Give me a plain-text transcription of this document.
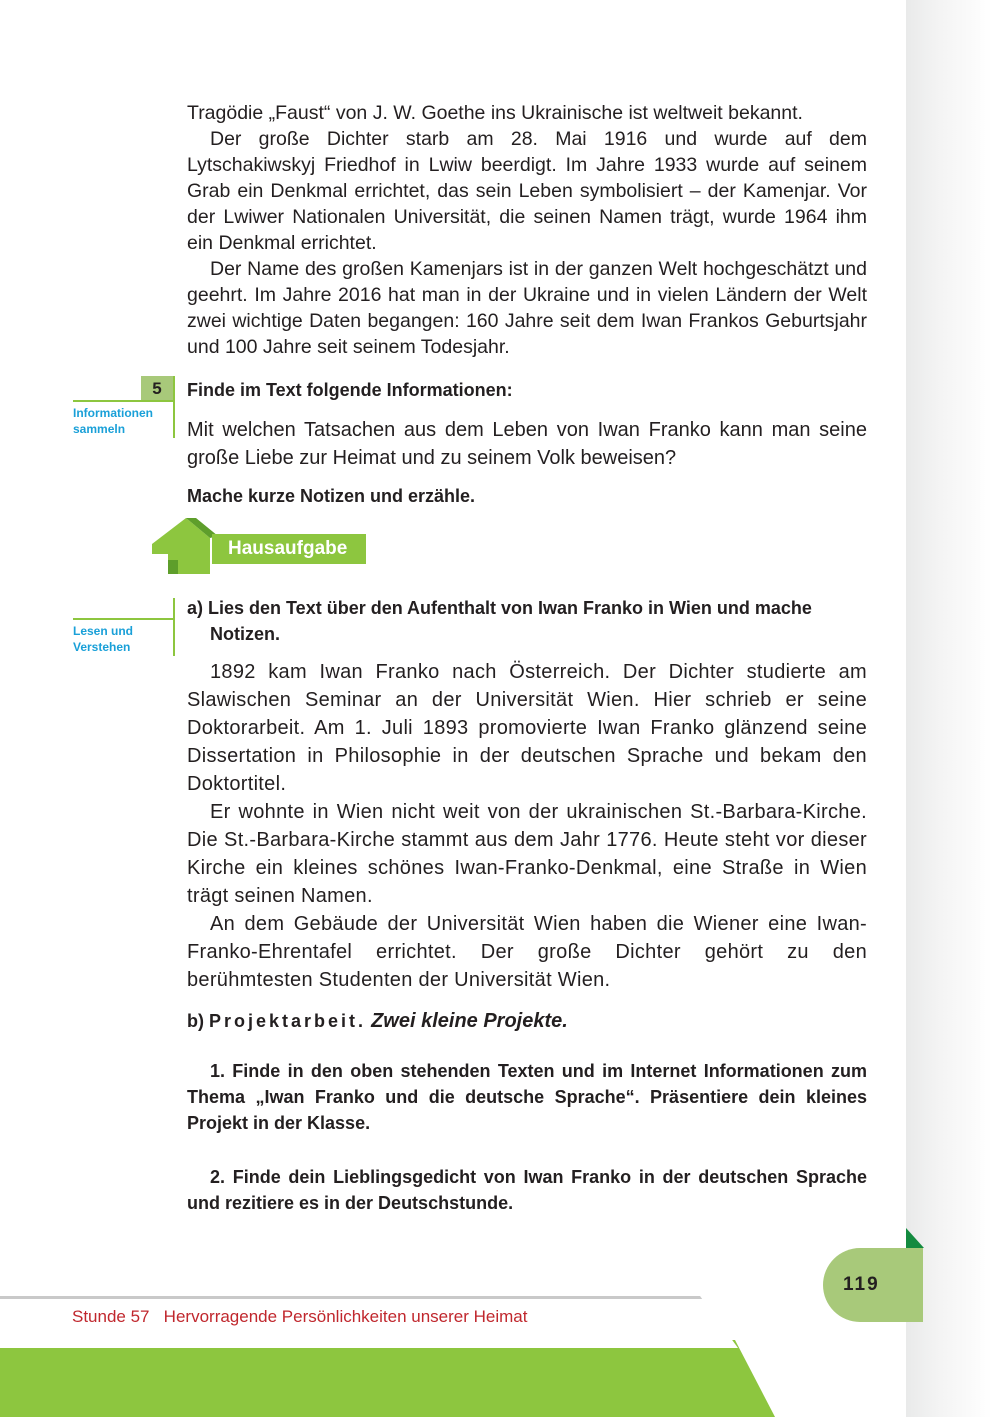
Tragödie „Faust“ von J. W. Goethe ins Ukrainische ist weltweit bekannt.

Der große Dichter starb am 28. Mai 1916 und wurde auf dem Lytschakiwskyj Friedhof in Lwiw beerdigt. Im Jahre 1933 wurde auf seinem Grab ein Denkmal errichtet, das sein Leben symbolisiert – der Kamenjar. Vor der Lwiwer Nationalen Universität, die seinen Namen trägt, wurde 1964 ihm ein Denkmal errichtet.

Der Name des großen Kamenjars ist in der ganzen Welt hochgeschätzt und geehrt. Im Jahre 2016 hat man in der Ukraine und in vielen Ländern der Welt zwei wichtige Daten begangen: 160 Jahre seit dem Iwan Frankos Geburtsjahr und 100 Jahre seit seinem Todesjahr.

5
Informationen sammeln

Finde im Text folgende Informationen:

Mit welchen Tatsachen aus dem Leben von Iwan Franko kann man seine große Liebe zur Heimat und zu seinem Volk beweisen?

Mache kurze Notizen und erzähle.

Hausaufgabe
Lesen und Verstehen

a) Lies den Text über den Aufenthalt von Iwan Franko in Wien und mache Notizen.

1892 kam Iwan Franko nach Österreich. Der Dichter studierte am Slawischen Seminar an der Universität Wien. Hier schrieb er seine Doktorarbeit. Am 1. Juli 1893 promovierte Iwan Franko glänzend seine Dissertation in Philosophie in der deutschen Sprache und bekam den Doktortitel.

Er wohnte in Wien nicht weit von der ukrainischen St.-Barbara-Kirche. Die St.-Barbara-Kirche stammt aus dem Jahr 1776. Heute steht vor dieser Kirche ein kleines schönes Iwan-Franko-Denkmal, eine Straße in Wien trägt seinen Namen.

An dem Gebäude der Universität Wien haben die Wiener eine Iwan-Franko-Ehrentafel errichtet. Der große Dichter gehört zu den berühmtesten Studenten der Universität Wien.

b) Projektarbeit. Zwei kleine Projekte.

1. Finde in den oben stehenden Texten und im Internet Informationen zum Thema „Iwan Franko und die deutsche Sprache“. Präsentiere dein kleines Projekt in der Klasse.

2. Finde dein Lieblingsgedicht von Iwan Franko in der deutschen Sprache und rezitiere es in der Deutschstunde.

119
Stunde 57   Hervorragende Persönlichkeiten unserer Heimat
